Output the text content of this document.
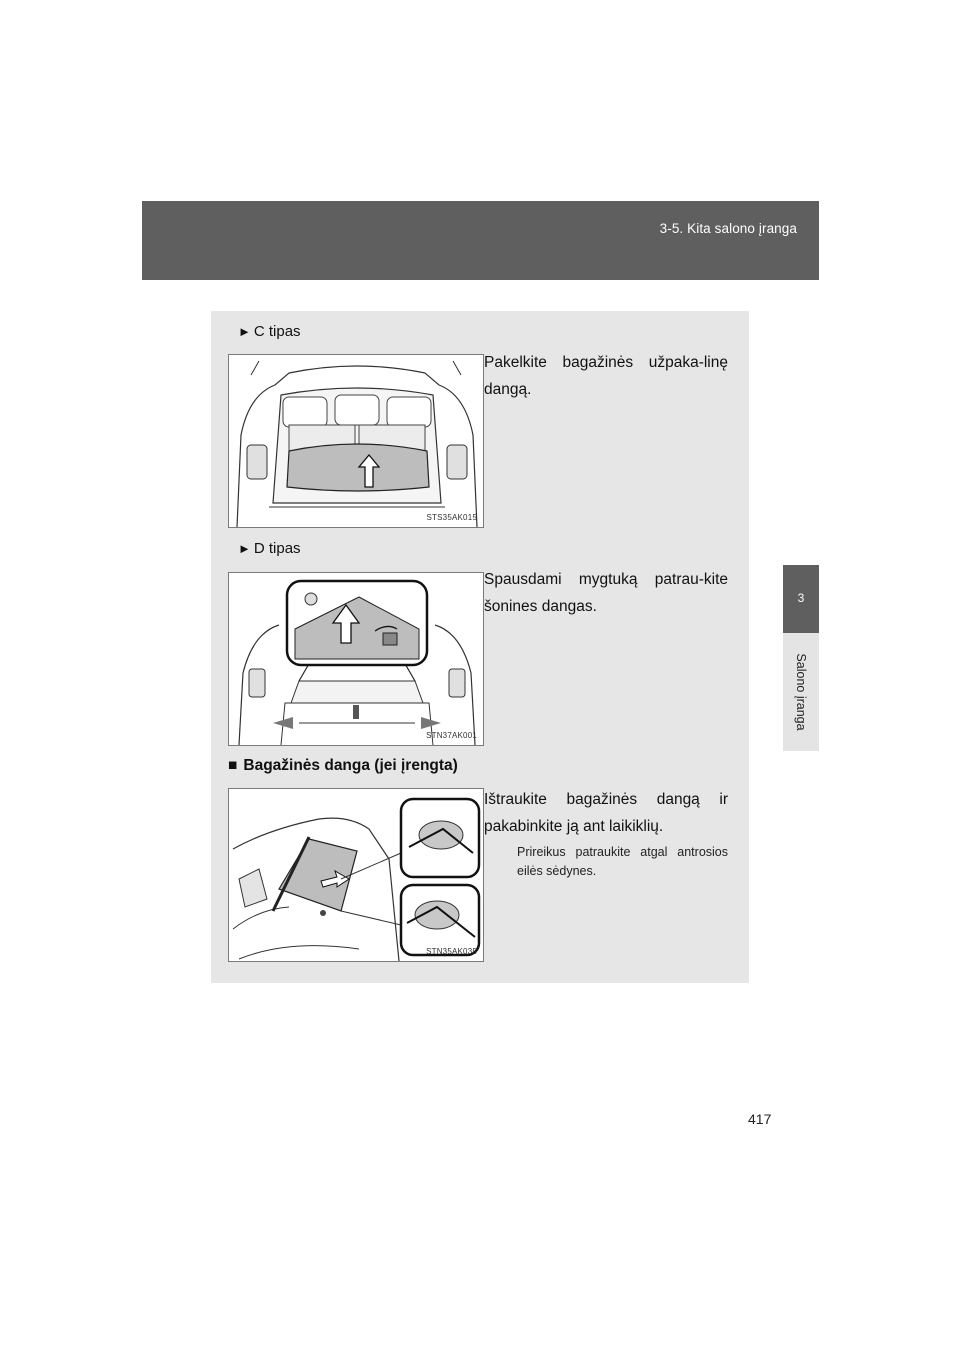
3-5. Kita salono įranga
3
Salono įranga
► C tipas
STS35AK015
Pakelkite bagažinės užpaka-linę dangą.
► D tipas
STN37AK001
Spausdami mygtuką patrau-kite šonines dangas.
■ Bagažinės danga (jei įrengta)
STN35AK035
Ištraukite bagažinės dangą ir pakabinkite ją ant laikiklių.
Prireikus patraukite atgal antrosios eilės sėdynes.
417
